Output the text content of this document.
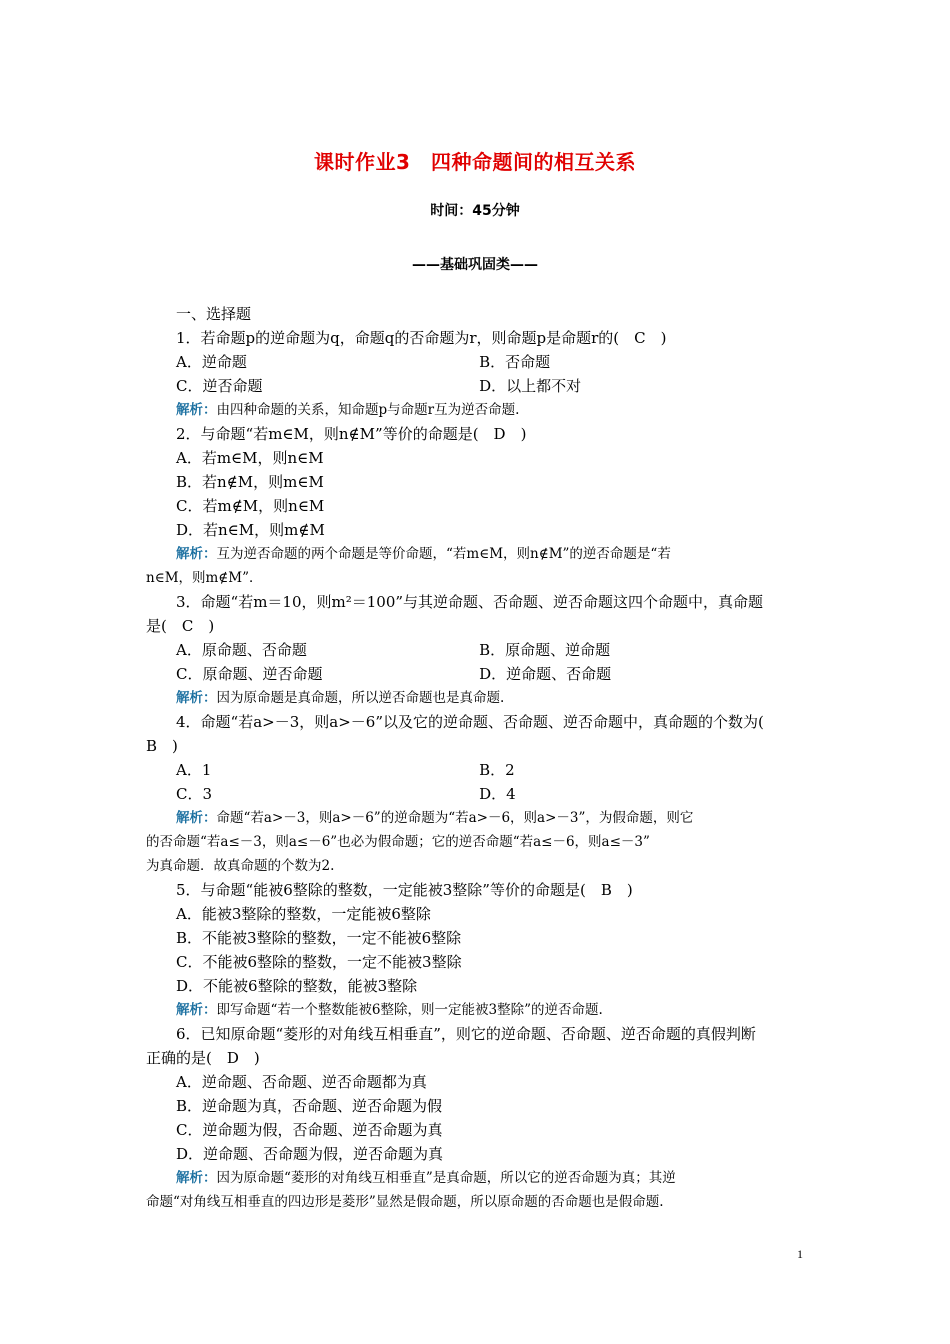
课时作业3　四种命题间的相互关系
时间：45分钟
——基础巩固类——
一、选择题
1．若命题p的逆命题为q，命题q的否命题为r，则命题p是命题r的(　C　)
A．逆命题	B．否命题
C．逆否命题	D．以上都不对
解析：由四种命题的关系，知命题p与命题r互为逆否命题.
2．与命题“若m∈M，则n∉M”等价的命题是(　D　)
A．若m∈M，则n∈M
B．若n∉M，则m∈M
C．若m∉M，则n∈M
D．若n∈M，则m∉M
解析：互为逆否命题的两个命题是等价命题，“若m∈M，则n∉M”的逆否命题是“若
n∈M，则m∉M”．
3．命题“若m＝10，则m²＝100”与其逆命题、否命题、逆否命题这四个命题中，真命题
是(　C　)
A．原命题、否命题	B．原命题、逆命题
C．原命题、逆否命题	D．逆命题、否命题
解析：因为原命题是真命题，所以逆否命题也是真命题.
4．命题“若a>－3，则a>－6”以及它的逆命题、否命题、逆否命题中，真命题的个数为(
B　)
A．1	B．2
C．3	D．4
解析：命题“若a>－3，则a>－6”的逆命题为“若a>－6，则a>－3”，为假命题，则它
的否命题“若a≤－3，则a≤－6”也必为假命题；它的逆否命题“若a≤－6，则a≤－3”
为真命题．故真命题的个数为2.
5．与命题“能被6整除的整数，一定能被3整除”等价的命题是(　B　)
A．能被3整除的整数，一定能被6整除
B．不能被3整除的整数，一定不能被6整除
C．不能被6整除的整数，一定不能被3整除
D．不能被6整除的整数，能被3整除
解析：即写命题“若一个整数能被6整除，则一定能被3整除”的逆否命题.
6．已知原命题“菱形的对角线互相垂直”，则它的逆命题、否命题、逆否命题的真假判断
正确的是(　D　)
A．逆命题、否命题、逆否命题都为真
B．逆命题为真，否命题、逆否命题为假
C．逆命题为假，否命题、逆否命题为真
D．逆命题、否命题为假，逆否命题为真
解析：因为原命题“菱形的对角线互相垂直”是真命题，所以它的逆否命题为真；其逆
命题“对角线互相垂直的四边形是菱形”显然是假命题，所以原命题的否命题也是假命题.
1
